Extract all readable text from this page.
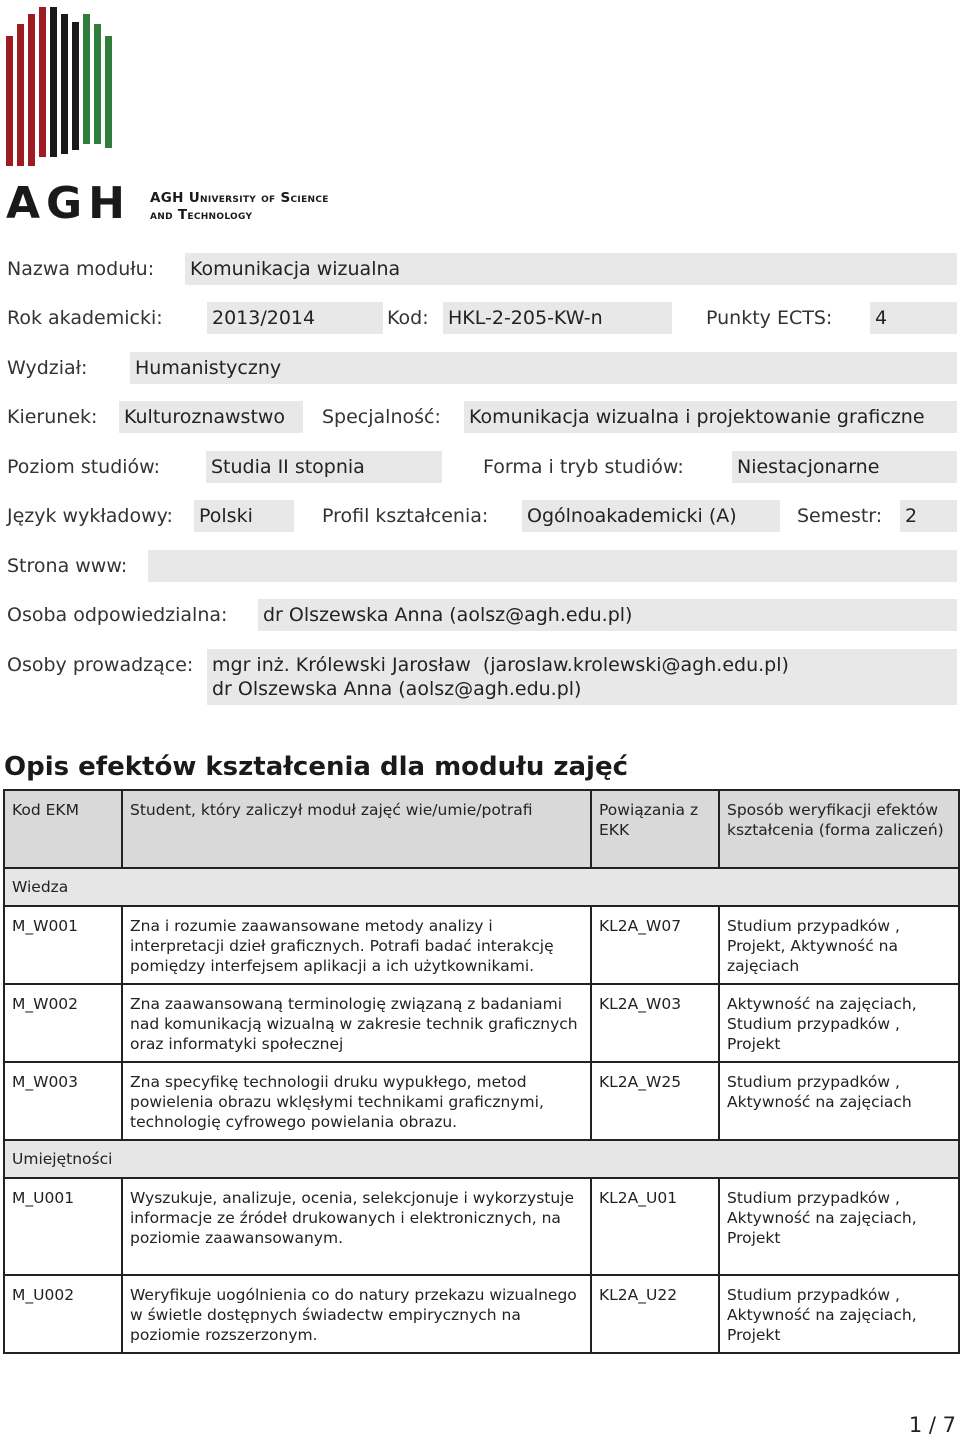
AGH AGH University of Science
and Technology
Nazwa modułu: Komunikacja wizualna
Rok akademicki:	2013/2014	Kod: HKL-2-205-KW-n	Punkty ECTS: 4
Wydział:	Humanistyczny
Kierunek: Kulturoznawstwo	Specjalność: Komunikacja wizualna i projektowanie graficzne
Poziom studiów:	Studia II stopnia	Forma i tryb studiów:	Niestacjonarne
Język wykładowy: Polski	Profil kształcenia: Ogólnoakademicki (A)	Semestr: 2
Strona www:
Osoba odpowiedzialna: dr Olszewska Anna (aolsz@agh.edu.pl)
Osoby prowadzące: mgr inż. Królewski Jarosław  (jaroslaw.krolewski@agh.edu.pl)
dr Olszewska Anna (aolsz@agh.edu.pl)
Opis efektów kształcenia dla modułu zajęć
Kod EKM	Student, który zaliczył moduł zajęć wie/umie/potrafi	Powiązania z EKK	Sposób weryfikacji efektów kształcenia (forma zaliczeń)
Wiedza			
M_W001	Zna i rozumie zaawansowane metody analizy i interpretacji dzieł graficznych. Potrafi badać interakcję pomiędzy interfejsem aplikacji a ich użytkownikami.	KL2A_W07	Studium przypadków , Projekt, Aktywność na zajęciach
M_W002	Zna zaawansowaną terminologię związaną z badaniami nad komunikacją wizualną w zakresie technik graficznych oraz informatyki społecznej	KL2A_W03	Aktywność na zajęciach, Studium przypadków , Projekt
M_W003	Zna specyfikę technologii druku wypukłego, metod powielenia obrazu wklęsłymi technikami graficznymi, technologię cyfrowego powielania obrazu.	KL2A_W25	Studium przypadków , Aktywność na zajęciach
Umiejętności			
M_U001	Wyszukuje, analizuje, ocenia, selekcjonuje i wykorzystuje informacje ze źródeł drukowanych i elektronicznych, na poziomie zaawansowanym.	KL2A_U01	Studium przypadków , Aktywność na zajęciach, Projekt
M_U002	Weryfikuje uogólnienia co do natury przekazu wizualnego w świetle dostępnych świadectw empirycznych na poziomie rozszerzonym.	KL2A_U22	Studium przypadków , Aktywność na zajęciach, Projekt
1 / 7
